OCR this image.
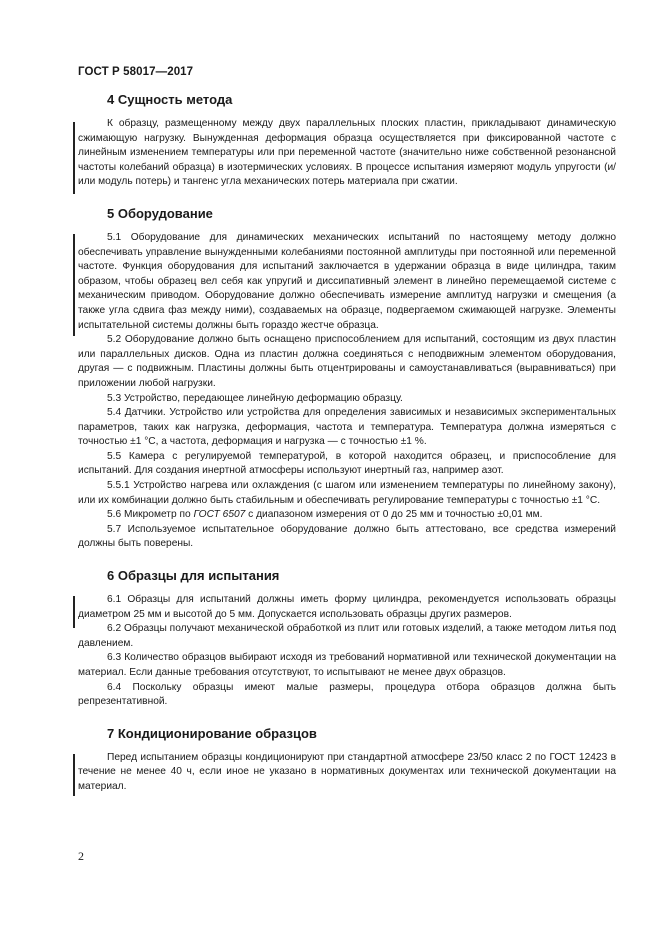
ГОСТ Р 58017—2017
4 Сущность метода

К образцу, размещенному между двух параллельных плоских пластин, прикладывают динамическую сжимающую нагрузку. Вынужденная деформация образца осуществляется при фиксированной частоте с линейным изменением температуры или при переменной частоте (значительно ниже собственной резонансной частоты колебаний образца) в изотермических условиях. В процессе испытания измеряют модуль упругости (и/или модуль потерь) и тангенс угла механических потерь материала при сжатии.

5 Оборудование

5.1 Оборудование для динамических механических испытаний по настоящему методу должно обеспечивать управление вынужденными колебаниями постоянной амплитуды при постоянной или переменной частоте. Функция оборудования для испытаний заключается в удержании образца в виде цилиндра, таким образом, чтобы образец вел себя как упругий и диссипативный элемент в линейно перемещаемой системе с механическим приводом. Оборудование должно обеспечивать измерение амплитуд нагрузки и смещения (а также угла сдвига фаз между ними), создаваемых на образце, подвергаемом сжимающей нагрузке. Элементы испытательной системы должны быть гораздо жестче образца.

5.2 Оборудование должно быть оснащено приспособлением для испытаний, состоящим из двух пластин или параллельных дисков. Одна из пластин должна соединяться с неподвижным элементом оборудования, другая — с подвижным. Пластины должны быть отцентрированы и самоустанавливаться (выравниваться) при приложении любой нагрузки.

5.3 Устройство, передающее линейную деформацию образцу.

5.4 Датчики. Устройство или устройства для определения зависимых и независимых экспериментальных параметров, таких как нагрузка, деформация, частота и температура. Температура должна измеряться с точностью ±1 °С, а частота, деформация и нагрузка — с точностью ±1 %.

5.5 Камера с регулируемой температурой, в которой находится образец, и приспособление для испытаний. Для создания инертной атмосферы используют инертный газ, например азот.

5.5.1 Устройство нагрева или охлаждения (с шагом или изменением температуры по линейному закону), или их комбинации должно быть стабильным и обеспечивать регулирование температуры с точностью ±1 °С.

5.6 Микрометр по ГОСТ 6507 с диапазоном измерения от 0 до 25 мм и точностью ±0,01 мм.

5.7 Используемое испытательное оборудование должно быть аттестовано, все средства измерений должны быть поверены.

6 Образцы для испытания

6.1 Образцы для испытаний должны иметь форму цилиндра, рекомендуется использовать образцы диаметром 25 мм и высотой до 5 мм. Допускается использовать образцы других размеров.

6.2 Образцы получают механической обработкой из плит или готовых изделий, а также методом литья под давлением.

6.3 Количество образцов выбирают исходя из требований нормативной или технической документации на материал. Если данные требования отсутствуют, то испытывают не менее двух образцов.

6.4 Поскольку образцы имеют малые размеры, процедура отбора образцов должна быть репрезентативной.

7 Кондиционирование образцов

Перед испытанием образцы кондиционируют при стандартной атмосфере 23/50 класс 2 по ГОСТ 12423 в течение не менее 40 ч, если иное не указано в нормативных документах или технической документации на материал.

2
